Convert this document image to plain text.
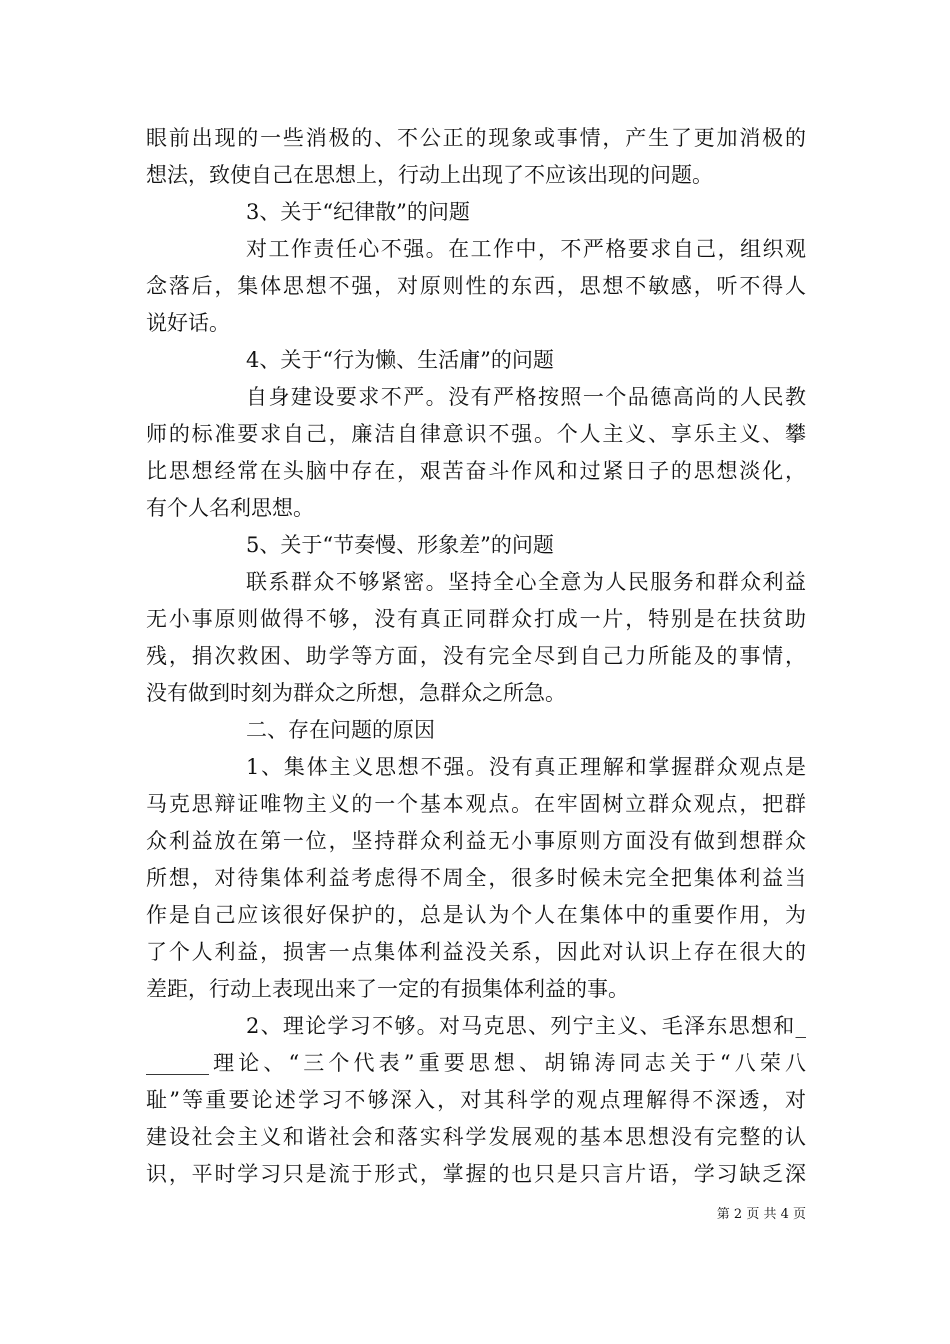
眼前出现的一些消极的、不公正的现象或事情，产生了更加消极的
想法，致使自己在思想上，行动上出现了不应该出现的问题。
3、关于“纪律散”的问题
对工作责任心不强。在工作中，不严格要求自己，组织观
念落后，集体思想不强，对原则性的东西，思想不敏感，听不得人
说好话。
4、关于“行为懒、生活庸”的问题
自身建设要求不严。没有严格按照一个品德高尚的人民教
师的标准要求自己，廉洁自律意识不强。个人主义、享乐主义、攀
比思想经常在头脑中存在，艰苦奋斗作风和过紧日子的思想淡化，
有个人名利思想。
5、关于“节奏慢、形象差”的问题
联系群众不够紧密。坚持全心全意为人民服务和群众利益
无小事原则做得不够，没有真正同群众打成一片，特别是在扶贫助
残，捐次救困、助学等方面，没有完全尽到自己力所能及的事情，
没有做到时刻为群众之所想，急群众之所急。
二、存在问题的原因
1、集体主义思想不强。没有真正理解和掌握群众观点是
马克思辩证唯物主义的一个基本观点。在牢固树立群众观点，把群
众利益放在第一位，坚持群众利益无小事原则方面没有做到想群众
所想，对待集体利益考虑得不周全，很多时候未完全把集体利益当
作是自己应该很好保护的，总是认为个人在集体中的重要作用，为
了个人利益，损害一点集体利益没关系，因此对认识上存在很大的
差距，行动上表现出来了一定的有损集体利益的事。
2、理论学习不够。对马克思、列宁主义、毛泽东思想和_
______理论、“三个代表”重要思想、胡锦涛同志关于“八荣八
耻”等重要论述学习不够深入，对其科学的观点理解得不深透，对
建设社会主义和谐社会和落实科学发展观的基本思想没有完整的认
识，平时学习只是流于形式，掌握的也只是只言片语，学习缺乏深
第 2 页 共 4 页
